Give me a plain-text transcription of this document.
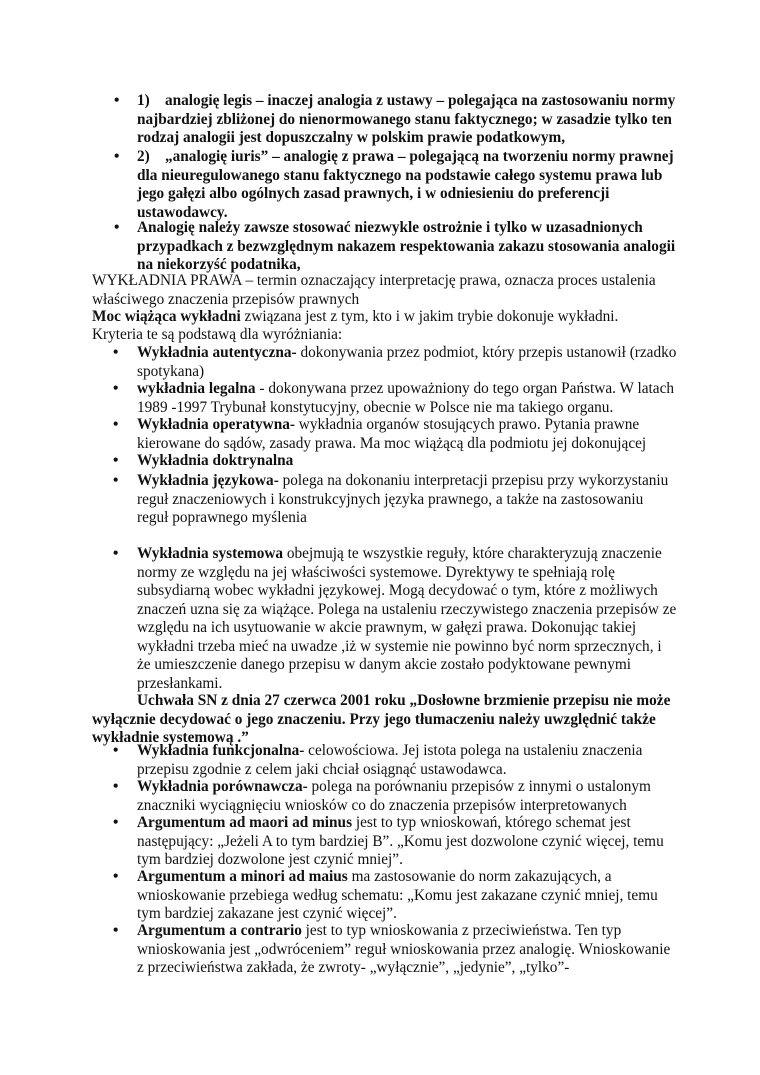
• 1) analogię legis – inaczej analogia z ustawy – polegająca na zastosowaniu normy najbardziej zbliżonej do nienormowanego stanu faktycznego; w zasadzie tylko ten rodzaj analogii jest dopuszczalny w polskim prawie podatkowym,
• 2) „analogię iuris” – analogię z prawa – polegającą na tworzeniu normy prawnej dla nieuregulowanego stanu faktycznego na podstawie całego systemu prawa lub jego gałęzi albo ogólnych zasad prawnych, i w odniesieniu do preferencji ustawodawcy.
• Analogię należy zawsze stosować niezwykle ostrożnie i tylko w uzasadnionych przypadkach z bezwzględnym nakazem respektowania zakazu stosowania analogii na niekorzyść podatnika,
WYKŁADNIA PRAWA – termin oznaczający interpretację prawa, oznacza proces ustalenia właściwego znaczenia przepisów prawnych
Moc wiążąca wykładni związana jest z tym, kto i w jakim trybie dokonuje wykładni.
Kryteria te są podstawą dla wyróżniania:
• Wykładnia autentyczna- dokonywania przez podmiot, który przepis ustanowił (rzadko spotykana)
• wykładnia legalna - dokonywana przez upoważniony do tego organ Państwa. W latach 1989 -1997 Trybunał konstytucyjny, obecnie w Polsce nie ma takiego organu.
• Wykładnia operatywna- wykładnia organów stosujących prawo. Pytania prawne kierowane do sądów, zasady prawa. Ma moc wiążącą dla podmiotu jej dokonującej
• Wykładnia doktrynalna
• Wykładnia językowa- polega na dokonaniu interpretacji przepisu przy wykorzystaniu reguł znaczeniowych i konstrukcyjnych języka prawnego, a także na zastosowaniu reguł poprawnego myślenia
• Wykładnia systemowa obejmują te wszystkie reguły, które charakteryzują znaczenie normy ze względu na jej właściwości systemowe. Dyrektywy te spełniają rolę subsydiarną wobec wykładni językowej. Mogą decydować o tym, które z możliwych znaczeń uzna się za wiążące. Polega na ustaleniu rzeczywistego znaczenia przepisów ze względu na ich usytuowanie w akcie prawnym, w gałęzi prawa. Dokonując takiej wykładni trzeba mieć na uwadze ,iż w systemie nie powinno być norm sprzecznych, i że umieszczenie danego przepisu w danym akcie zostało podyktowane pewnymi przesłankami.
Uchwała SN z dnia 27 czerwca 2001 roku „Dosłowne brzmienie przepisu nie może wyłącznie decydować o jego znaczeniu. Przy jego tłumaczeniu należy uwzględnić także wykładnie systemową .”
• Wykładnia funkcjonalna- celowościowa. Jej istota polega na ustaleniu znaczenia przepisu zgodnie z celem jaki chciał osiągnąć ustawodawca.
• Wykładnia porównawcza- polega na porównaniu przepisów z innymi o ustalonym znaczniki wyciągnięciu wniosków co do znaczenia przepisów interpretowanych
• Argumentum ad maori ad minus jest to typ wnioskowań, którego schemat jest następujący: „Jeżeli A to tym bardziej B”. „Komu jest dozwolone czynić więcej, temu tym bardziej dozwolone jest czynić mniej”.
• Argumentum a minori ad maius ma zastosowanie do norm zakazujących, a wnioskowanie przebiega według schematu: „Komu jest zakazane czynić mniej, temu tym bardziej zakazane jest czynić więcej”.
• Argumentum a contrario jest to typ wnioskowania z przeciwieństwa. Ten typ wnioskowania jest „odwróceniem” reguł wnioskowania przez analogię. Wnioskowanie z przeciwieństwa zakłada, że zwroty- „wyłącznie”, „jedynie”, „tylko”-
